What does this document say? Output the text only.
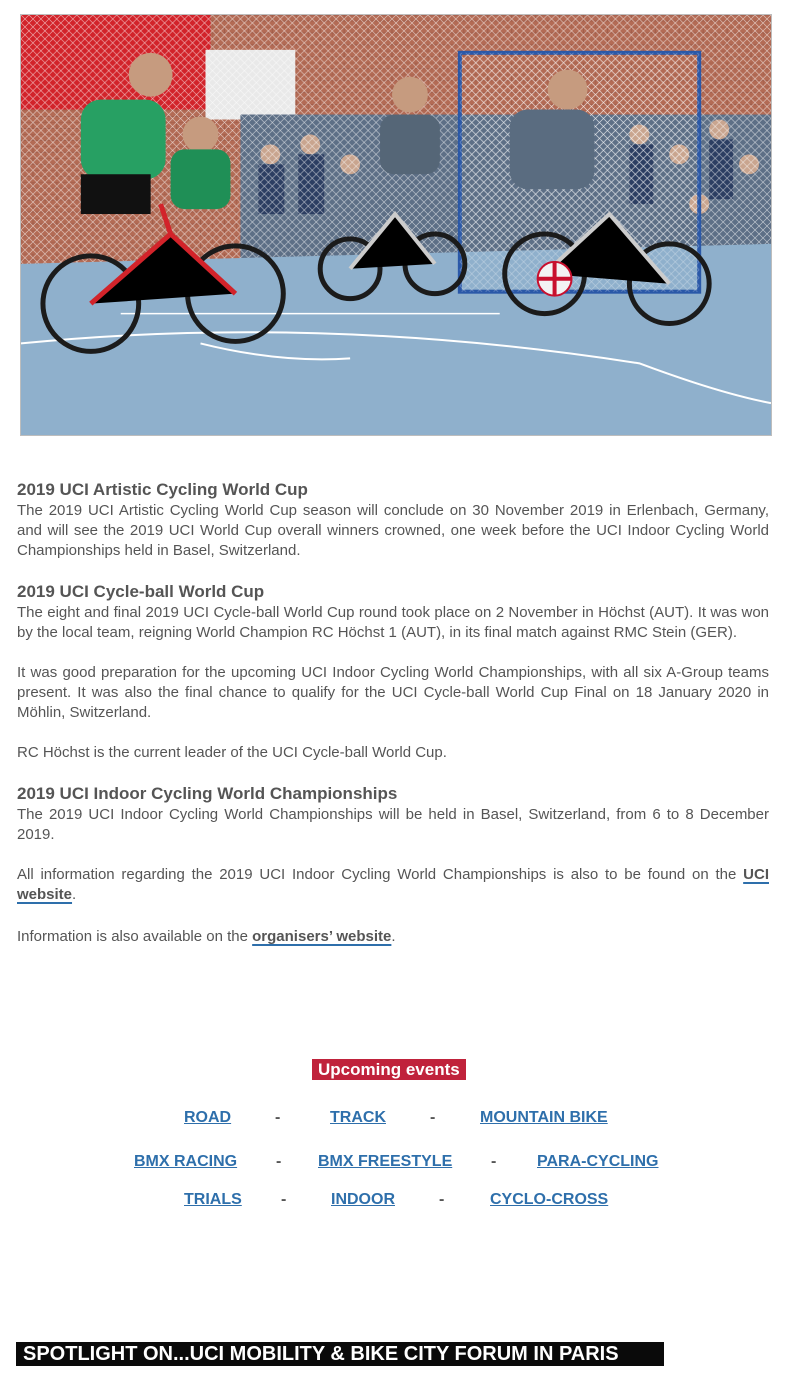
2019 UCI Artistic Cycling World Cup

The 2019 UCI Artistic Cycling World Cup season will conclude on 30 November 2019 in Erlenbach, Germany, and will see the 2019 UCI World Cup overall winners crowned, one week before the UCI Indoor Cycling World Championships held in Basel, Switzerland.

2019 UCI Cycle-ball World Cup

The eight and final 2019 UCI Cycle-ball World Cup round took place on 2 November in Höchst (AUT). It was won by the local team, reigning World Champion RC Höchst 1 (AUT), in its final match against RMC Stein (GER).

It was good preparation for the upcoming UCI Indoor Cycling World Championships, with all six A-Group teams present. It was also the final chance to qualify for the UCI Cycle-ball World Cup Final on 18 January 2020 in Möhlin, Switzerland.

RC Höchst is the current leader of the UCI Cycle-ball World Cup.

2019 UCI Indoor Cycling World Championships

The 2019 UCI Indoor Cycling World Championships will be held in Basel, Switzerland, from 6 to 8 December 2019.

All information regarding the 2019 UCI Indoor Cycling World Championships is also to be found on the UCI website.

Information is also available on the organisers’ website.

Upcoming events
ROAD	-	TRACK	-	MOUNTAIN BIKE
BMX RACING - BMX FREESTYLE -	PARA-CYCLING
TRIALS -	INDOOR	-	CYCLO-CROSS
SPOTLIGHT ON...UCI MOBILITY & BIKE CITY FORUM IN PARIS
